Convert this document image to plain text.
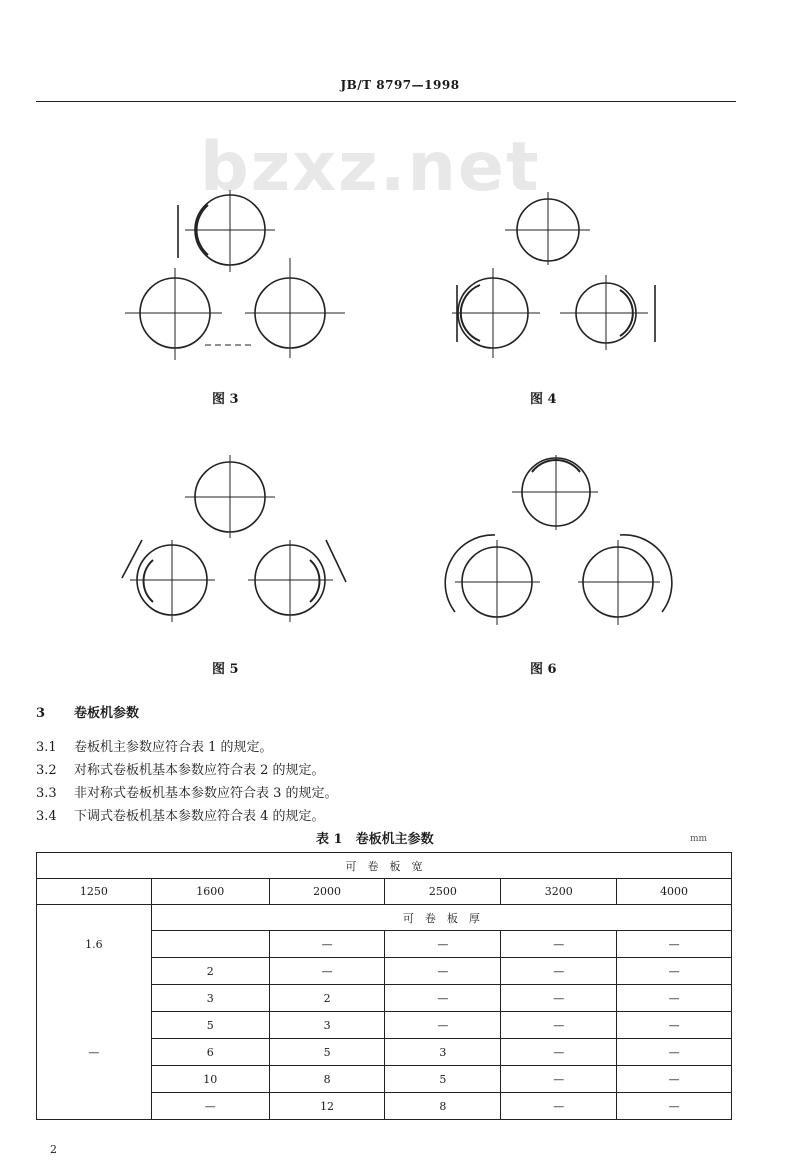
JB/T 8797—1998
bzxz.net
图 3	图 4
图 5	图 6
3 卷板机参数
3.1 卷板机主参数应符合表 1 的规定。
3.2 对称式卷板机基本参数应符合表 2 的规定。
3.3 非对称式卷板机基本参数应符合表 3 的规定。
3.4 下调式卷板机基本参数应符合表 4 的规定。
表 1　卷板机主参数	mm
可　卷　板　宽					
1250	1600	2000	2500	3200	4000
	可　卷　板　厚				
1.6		—	—	—	—
	2	—	—	—	—
	3	2	—	—	—
	5	3	—	—	—
—	6	5	3	—	—
	10	8	5	—	—
	—	12	8	—	—
2
